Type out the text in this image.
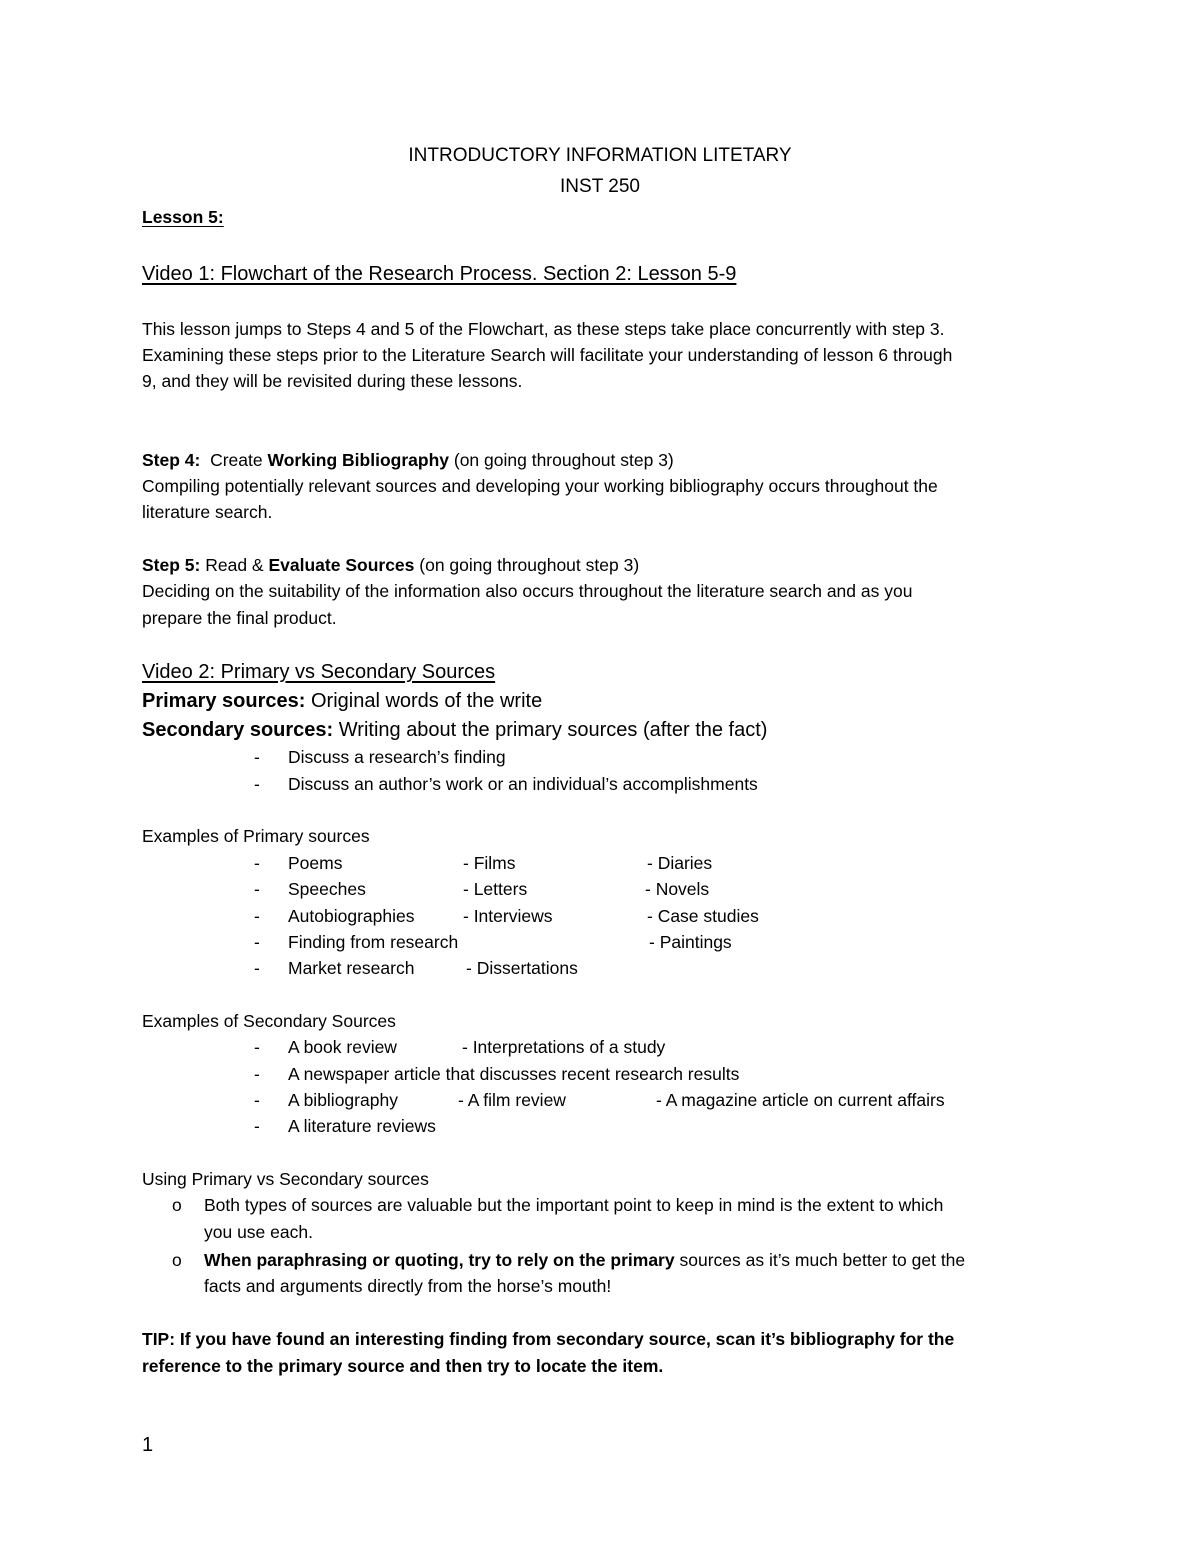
INTRODUCTORY INFORMATION LITETARY
INST 250
Lesson 5:
Video 1: Flowchart of the Research Process. Section 2: Lesson 5-9
This lesson jumps to Steps 4 and 5 of the Flowchart, as these steps take place concurrently with step 3.
Examining these steps prior to the Literature Search will facilitate your understanding of lesson 6 through
9, and they will be revisited during these lessons.
Step 4: Create Working Bibliography (on going throughout step 3)
Compiling potentially relevant sources and developing your working bibliography occurs throughout the
literature search.
Step 5: Read & Evaluate Sources (on going throughout step 3)
Deciding on the suitability of the information also occurs throughout the literature search and as you
prepare the final product.
Video 2: Primary vs Secondary Sources
Primary sources: Original words of the write
Secondary sources: Writing about the primary sources (after the fact)
- Discuss a research’s finding
- Discuss an author’s work or an individual’s accomplishments
Examples of Primary sources
- Poems	- Films	- Diaries
- Speeches	- Letters	- Novels
- Autobiographies	- Interviews	- Case studies
- Finding from research	- Paintings
- Market research	- Dissertations
Examples of Secondary Sources
- A book review	- Interpretations of a study
- A newspaper article that discusses recent research results
- A bibliography	- A film review	- A magazine article on current affairs
- A literature reviews
Using Primary vs Secondary sources
o Both types of sources are valuable but the important point to keep in mind is the extent to which
you use each.
o When paraphrasing or quoting, try to rely on the primary sources as it’s much better to get the
facts and arguments directly from the horse’s mouth!
TIP: If you have found an interesting finding from secondary source, scan it’s bibliography for the
reference to the primary source and then try to locate the item.
1
